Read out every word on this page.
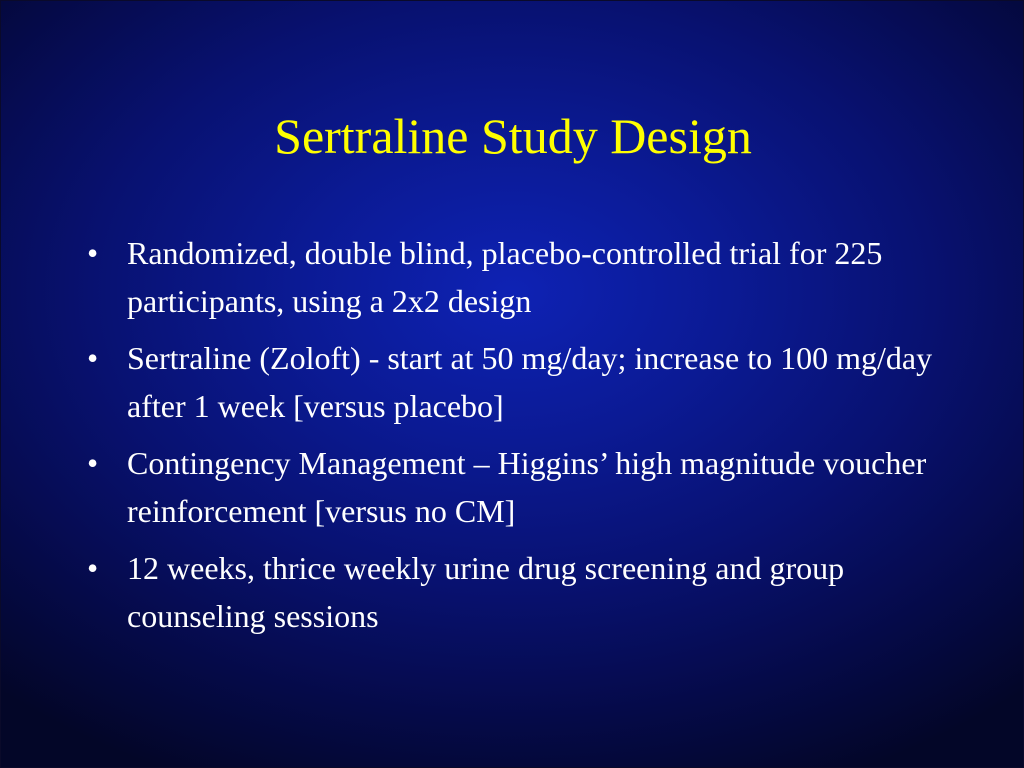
Sertraline Study Design
• Randomized, double blind, placebo-controlled trial for 225 participants, using a 2x2 design
• Sertraline (Zoloft) - start at 50 mg/day; increase to 100 mg/day after 1 week [versus placebo]
• Contingency Management – Higgins’ high magnitude voucher reinforcement [versus no CM]
• 12 weeks, thrice weekly urine drug screening and group counseling sessions
